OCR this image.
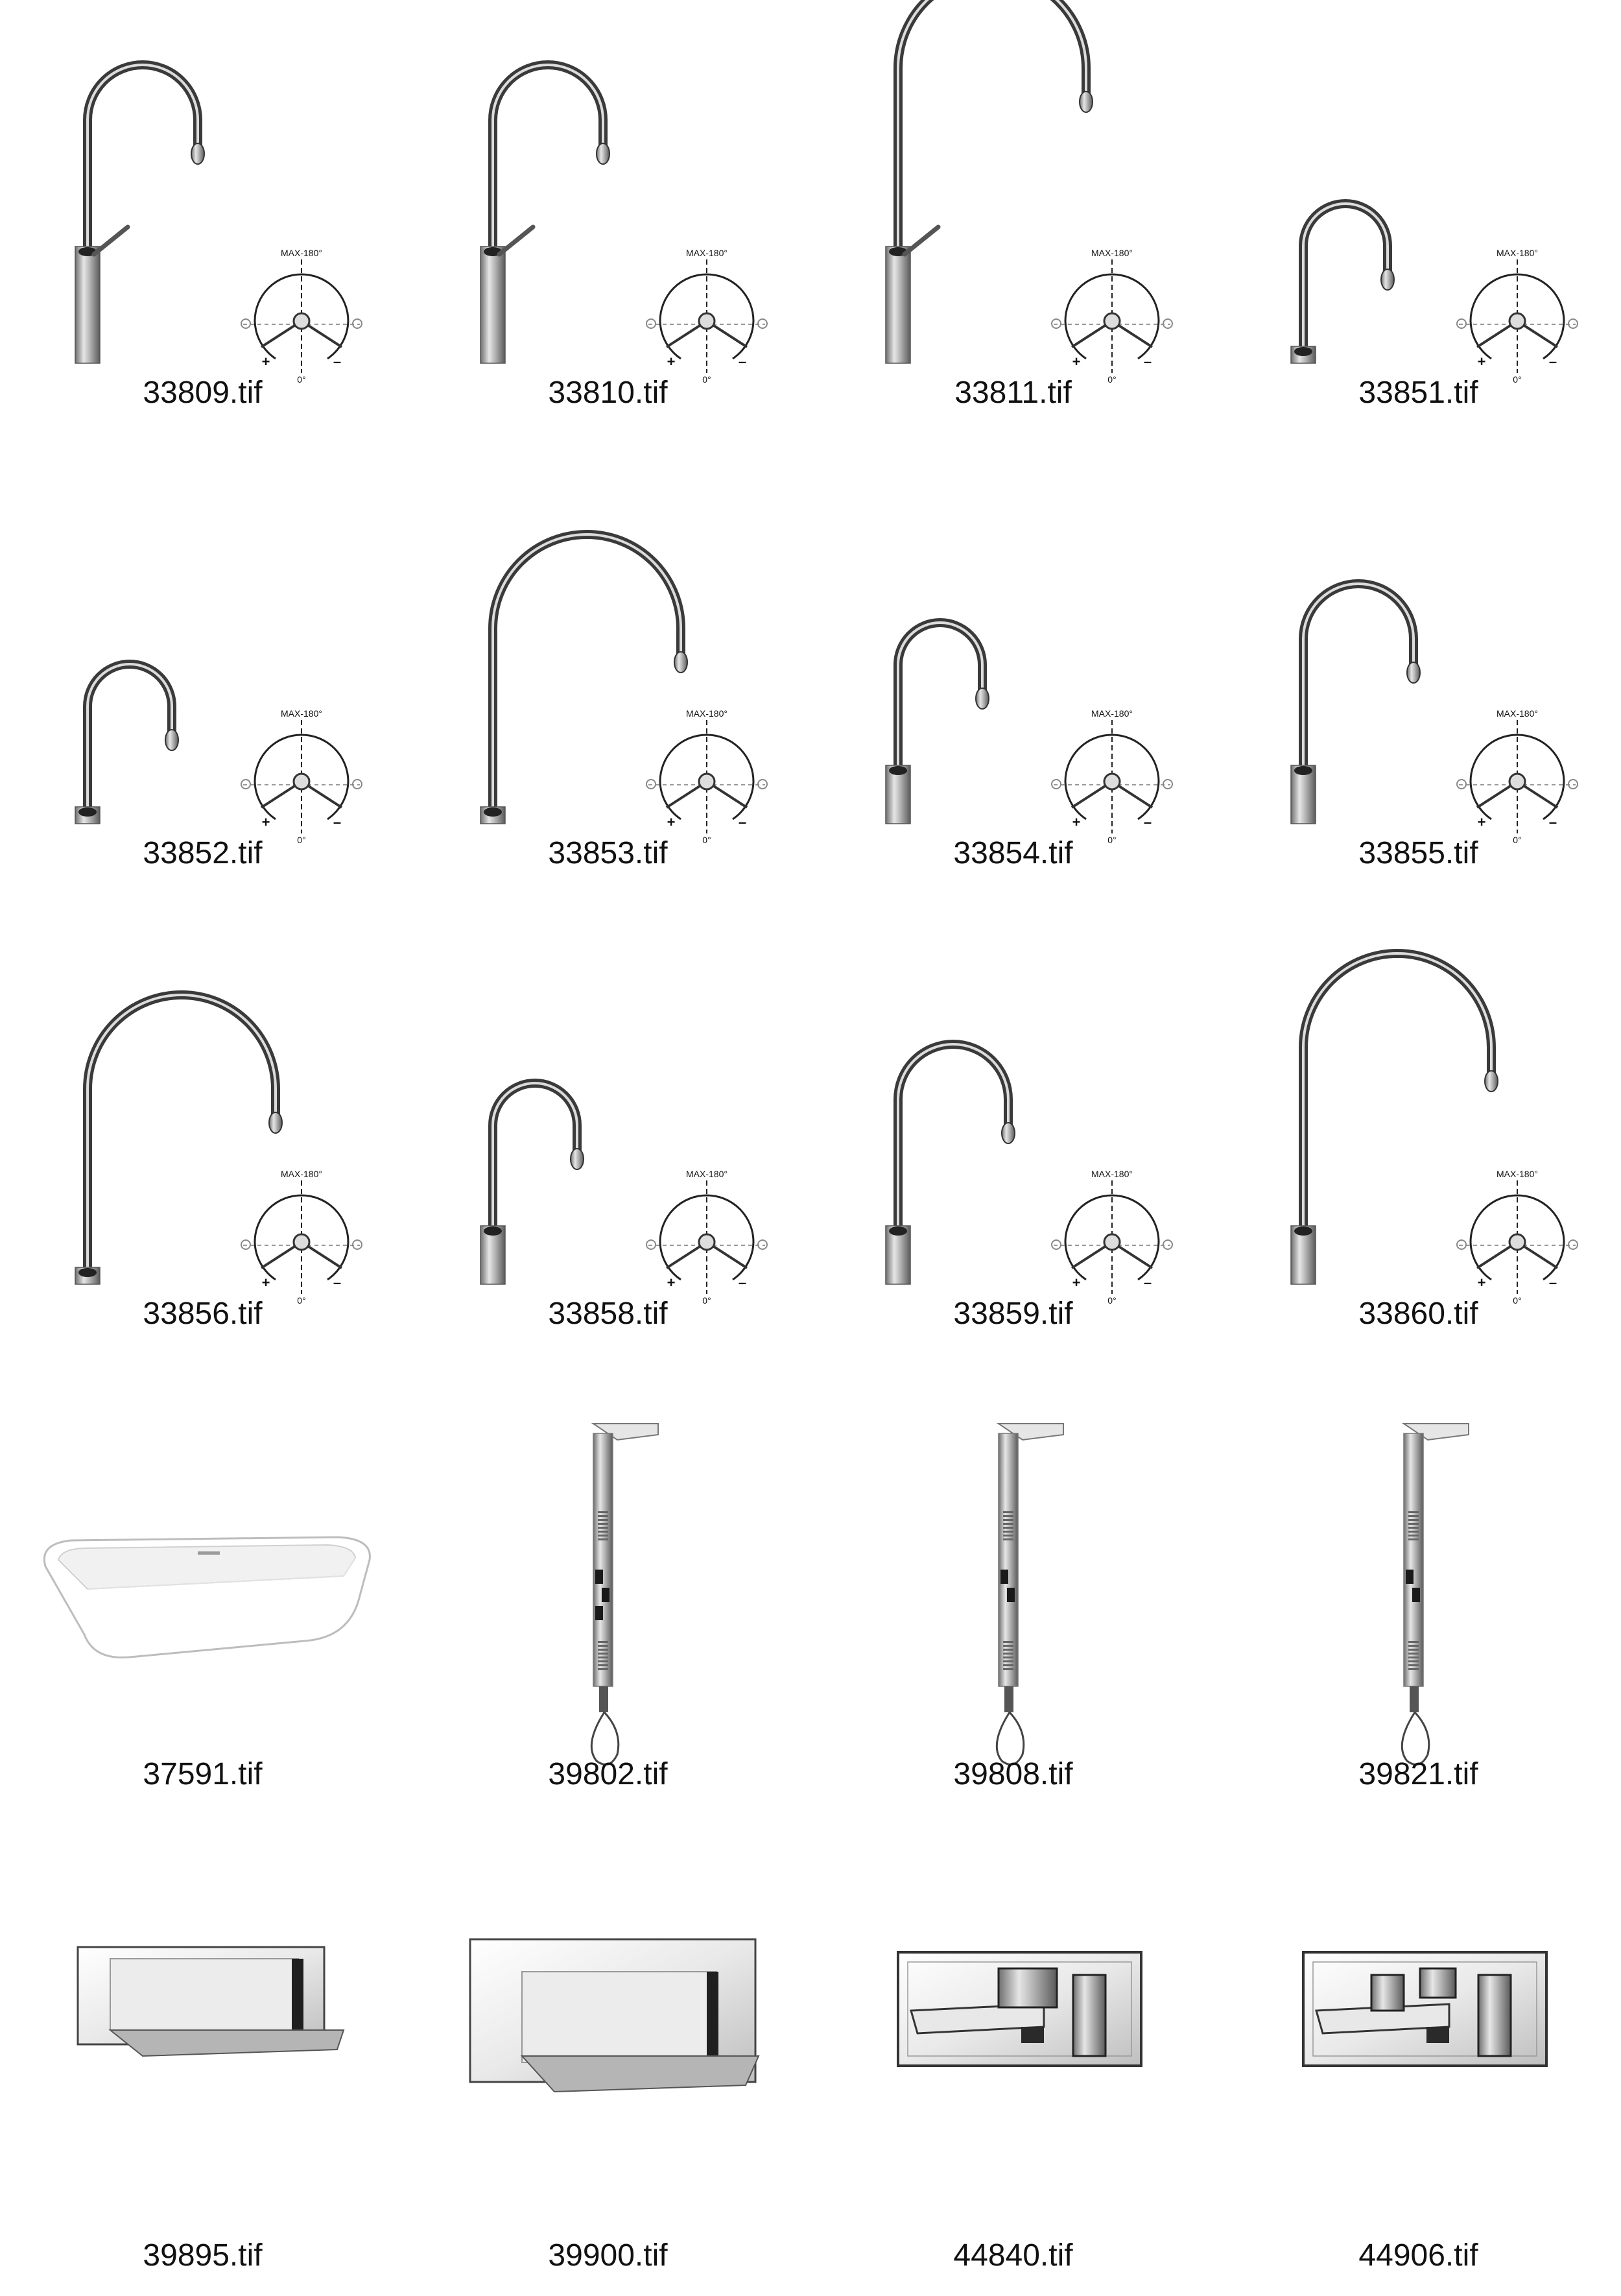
MAX-180°
0°
+	–
33809.tif
MAX-180°
0°
+	–
33810.tif
MAX-180°
0°
+	–
33811.tif
MAX-180°
0°
+	–
33851.tif
MAX-180°
0°
+	–
33852.tif
MAX-180°
0°
+	–
33853.tif
MAX-180°
0°
+	–
33854.tif
MAX-180°
0°
+	–
33855.tif
MAX-180°
0°
+	–
33856.tif
MAX-180°
0°
+	–
33858.tif
MAX-180°
0°
+	–
33859.tif
MAX-180°
0°
+	–
33860.tif
37591.tif	39802.tif	39808.tif	39821.tif
39895.tif	39900.tif	44840.tif	44906.tif
